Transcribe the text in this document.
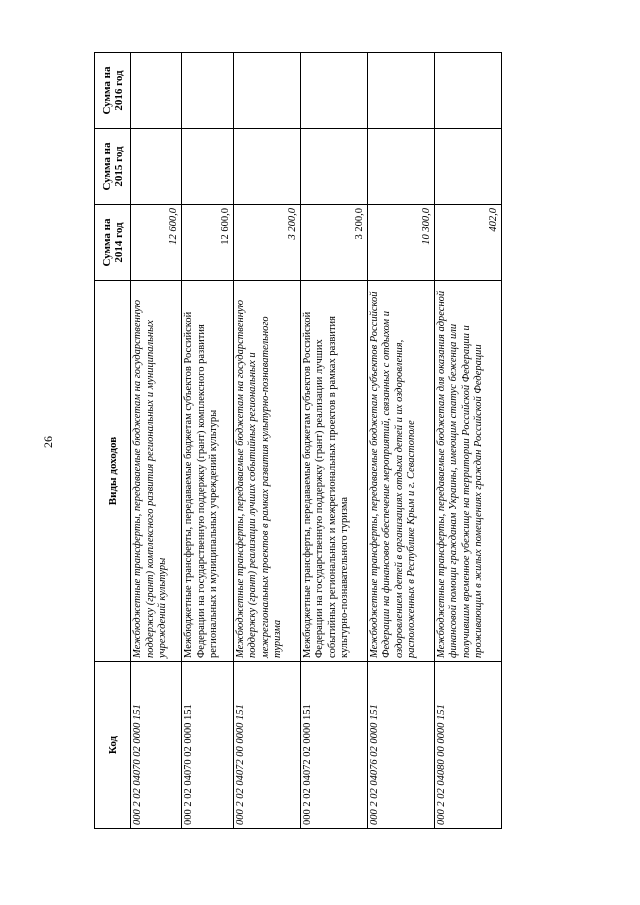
26
Код	Виды доходов	Сумма на 2014 год	Сумма на 2015 год	Сумма на 2016 год
000 2 02 04070 02 0000 151	Межбюджетные трансферты, передаваемые бюджетам на государственную поддержку (грант) комплексного развития региональных и муниципальных учреждений культуры	12 600,0		
000 2 02 04070 02 0000 151	Межбюджетные трансферты, передаваемые бюджетам субъектов Российской Федерации на государственную поддержку (грант) комплексного развития региональных и муниципальных учреждений культуры	12 600,0		
000 2 02 04072 00 0000 151	Межбюджетные трансферты, передаваемые бюджетам на государственную поддержку (грант) реализации лучших событийных региональных и межрегиональных проектов в рамках развития культурно-познавательного туризма	3 200,0		
000 2 02 04072 02 0000 151	Межбюджетные трансферты, передаваемые бюджетам субъектов Российской Федерации на государственную поддержку (грант) реализации лучших событийных региональных и межрегиональных проектов в рамках развития культурно-познавательного туризма	3 200,0		
000 2 02 04076 02 0000 151	Межбюджетные трансферты, передаваемые бюджетам субъектов Российской Федерации на финансовое обеспечение мероприятий, связанных с отдыхом и оздоровлением детей в организациях отдыха детей и их оздоровления, расположенных в Республике Крым и г. Севастополе	10 300,0		
000 2 02 04080 00 0000 151	Межбюджетные трансферты, передаваемые бюджетам для оказания адресной финансовой помощи гражданам Украины, имеющим статус беженца или получившим временное убежище на территории Российской Федерации и проживающим в жилых помещениях граждан Российской Федерации	402,0		
